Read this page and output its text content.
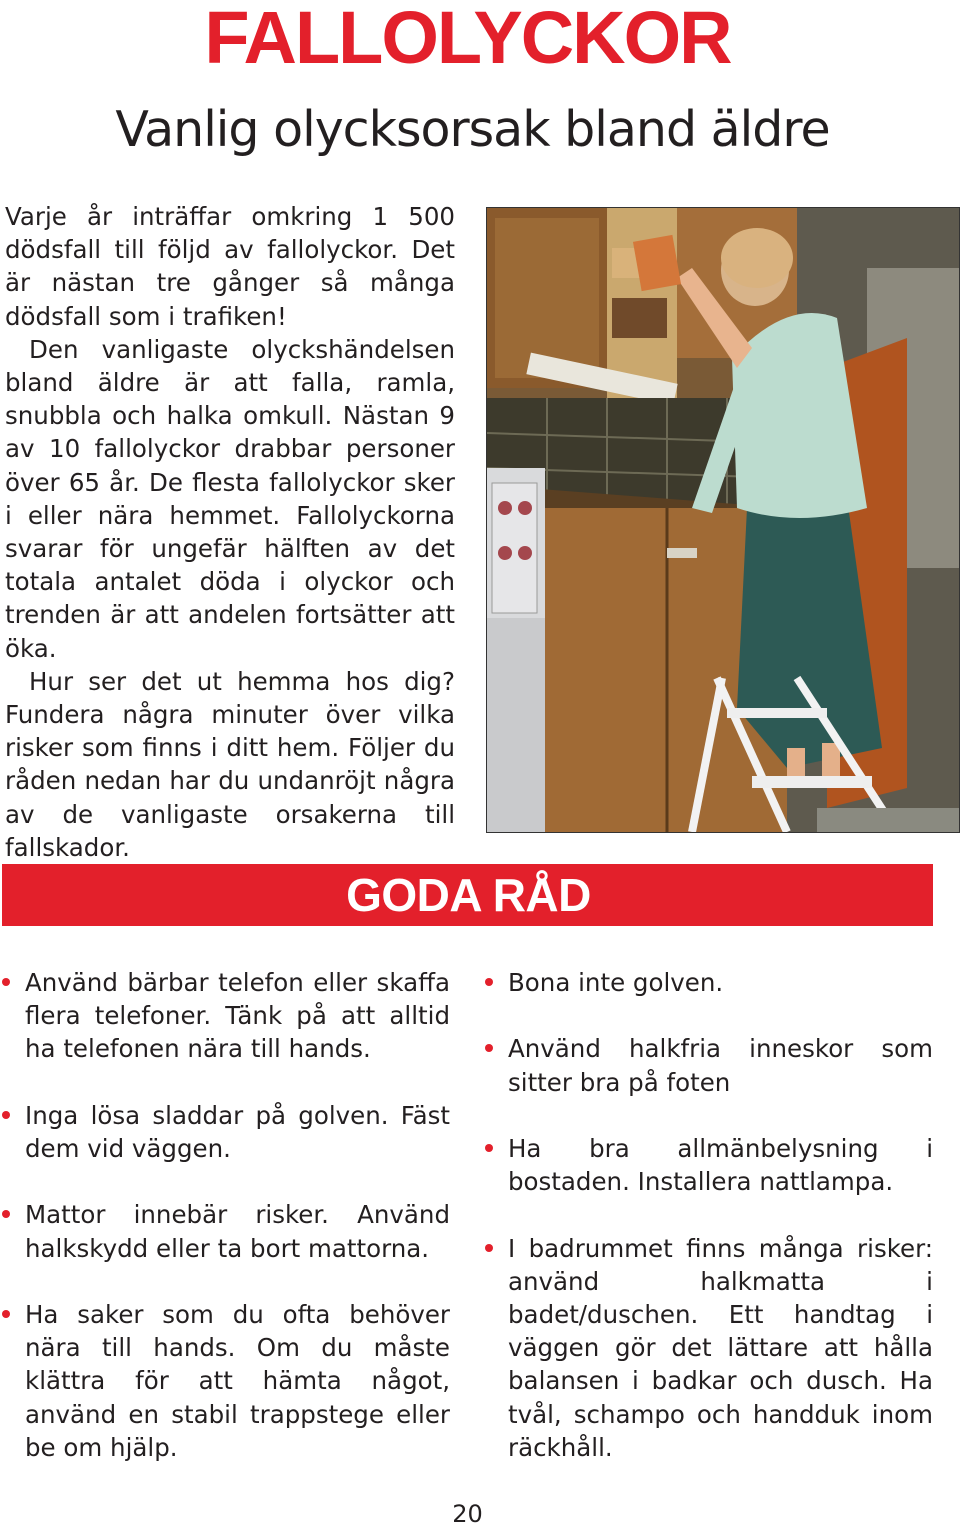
FALLOLYCKOR
Vanlig olycksorsak bland äldre

Varje år inträffar omkring 1 500 dödsfall till följd av fallolyckor. Det är nästan tre gånger så många dödsfall som i trafiken!

Den vanligaste olyckshändelsen bland äldre är att falla, ramla, snubbla och halka omkull. Nästan 9 av 10 fallolyckor drabbar personer över 65 år. De flesta fallolyckor sker i eller nära hemmet. Fallolyckorna svarar för ungefär hälften av det totala antalet döda i olyckor och trenden är att andelen fortsätter att öka.

Hur ser det ut hemma hos dig? Fundera några minuter över vilka risker som finns i ditt hem. Följer du råden nedan har du undanröjt några av de vanligaste orsakerna till fallskador.

GODA RÅD
Använd bärbar telefon eller skaffa flera telefoner. Tänk på att alltid ha telefonen nära till hands.
Inga lösa sladdar på golven. Fäst dem vid väggen.
Mattor innebär risker. Använd halkskydd eller ta bort mattorna.
Ha saker som du ofta behöver nära till hands. Om du måste klättra för att hämta något, använd en stabil trappstege eller be om hjälp.
Bona inte golven.
Använd halkfria inneskor som sitter bra på foten
Ha bra allmänbelysning i bostaden. Installera nattlampa.
I badrummet finns många risker: använd halkmatta i badet/duschen. Ett handtag i väggen gör det lättare att hålla balansen i badkar och dusch. Ha tvål, schampo och handduk inom räckhåll.
20
